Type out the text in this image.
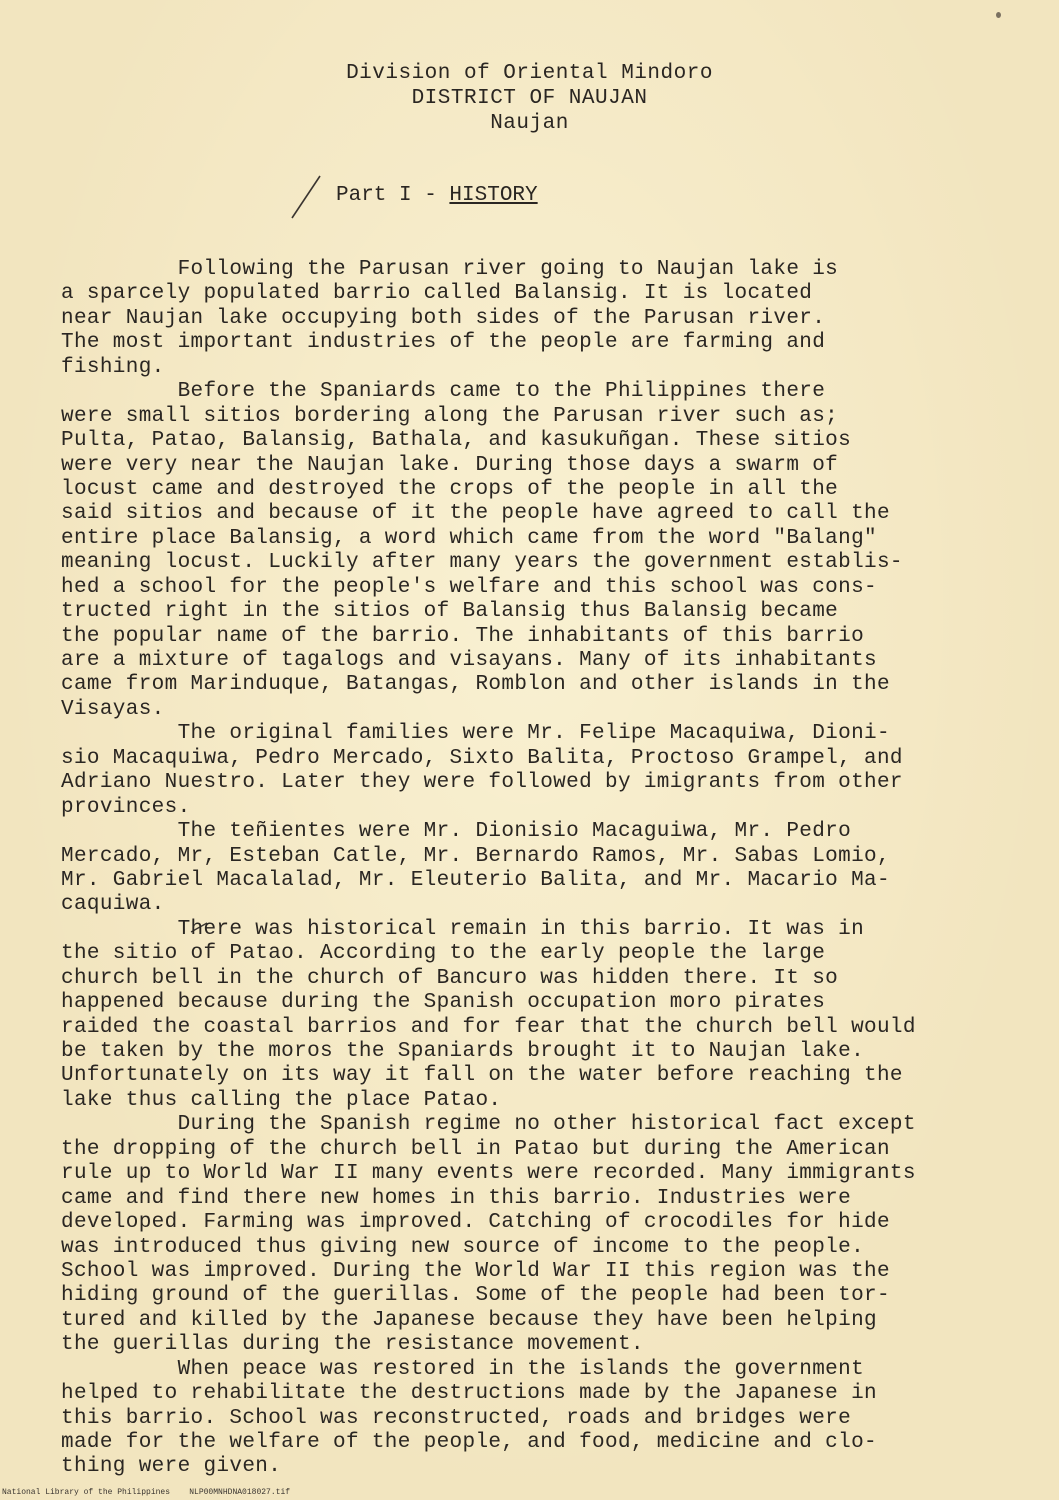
Division of Oriental Mindoro
DISTRICT OF NAUJAN
Naujan
Part I - HISTORY
Following the Parusan river going to Naujan lake is
a sparcely populated barrio called Balansig. It is located
near Naujan lake occupying both sides of the Parusan river.
The most important industries of the people are farming and
fishing.
Before the Spaniards came to the Philippines there
were small sitios bordering along the Parusan river such as;
Pulta, Patao, Balansig, Bathala, and kasukuñgan. These sitios
were very near the Naujan lake. During those days a swarm of
locust came and destroyed the crops of the people in all the
said sitios and because of it the people have agreed to call the
entire place Balansig, a word which came from the word "Balang"
meaning locust. Luckily after many years the government establis-
hed a school for the people's welfare and this school was cons-
tructed right in the sitios of Balansig thus Balansig became
the popular name of the barrio. The inhabitants of this barrio
are a mixture of tagalogs and visayans. Many of its inhabitants
came from Marinduque, Batangas, Romblon and other islands in the
Visayas.
The original families were Mr. Felipe Macaquiwa, Dioni-
sio Macaquiwa, Pedro Mercado, Sixto Balita, Proctoso Grampel, and
Adriano Nuestro. Later they were followed by imigrants from other
provinces.
The teñientes were Mr. Dionisio Macaguiwa, Mr. Pedro
Mercado, Mr, Esteban Catle, Mr. Bernardo Ramos, Mr. Sabas Lomio,
Mr. Gabriel Macalalad, Mr. Eleuterio Balita, and Mr. Macario Ma-
caquiwa.
There was historical remain in this barrio. It was in
the sitio of Patao. According to the early people the large
church bell in the church of Bancuro was hidden there. It so
happened because during the Spanish occupation moro pirates
raided the coastal barrios and for fear that the church bell would
be taken by the moros the Spaniards brought it to Naujan lake.
Unfortunately on its way it fall on the water before reaching the
lake thus calling the place Patao.
During the Spanish regime no other historical fact except
the dropping of the church bell in Patao but during the American
rule up to World War II many events were recorded. Many immigrants
came and find there new homes in this barrio. Industries were
developed. Farming was improved. Catching of crocodiles for hide
was introduced thus giving new source of income to the people.
School was improved. During the World War II this region was the
hiding ground of the guerillas. Some of the people had been tor-
tured and killed by the Japanese because they have been helping
the guerillas during the resistance movement.
When peace was restored in the islands the government
helped to rehabilitate the destructions made by the Japanese in
this barrio. School was reconstructed, roads and bridges were
made for the welfare of the people, and food, medicine and clo-
thing were given.
National Library of the Philippines    NLP00MNHDNA018027.tif
